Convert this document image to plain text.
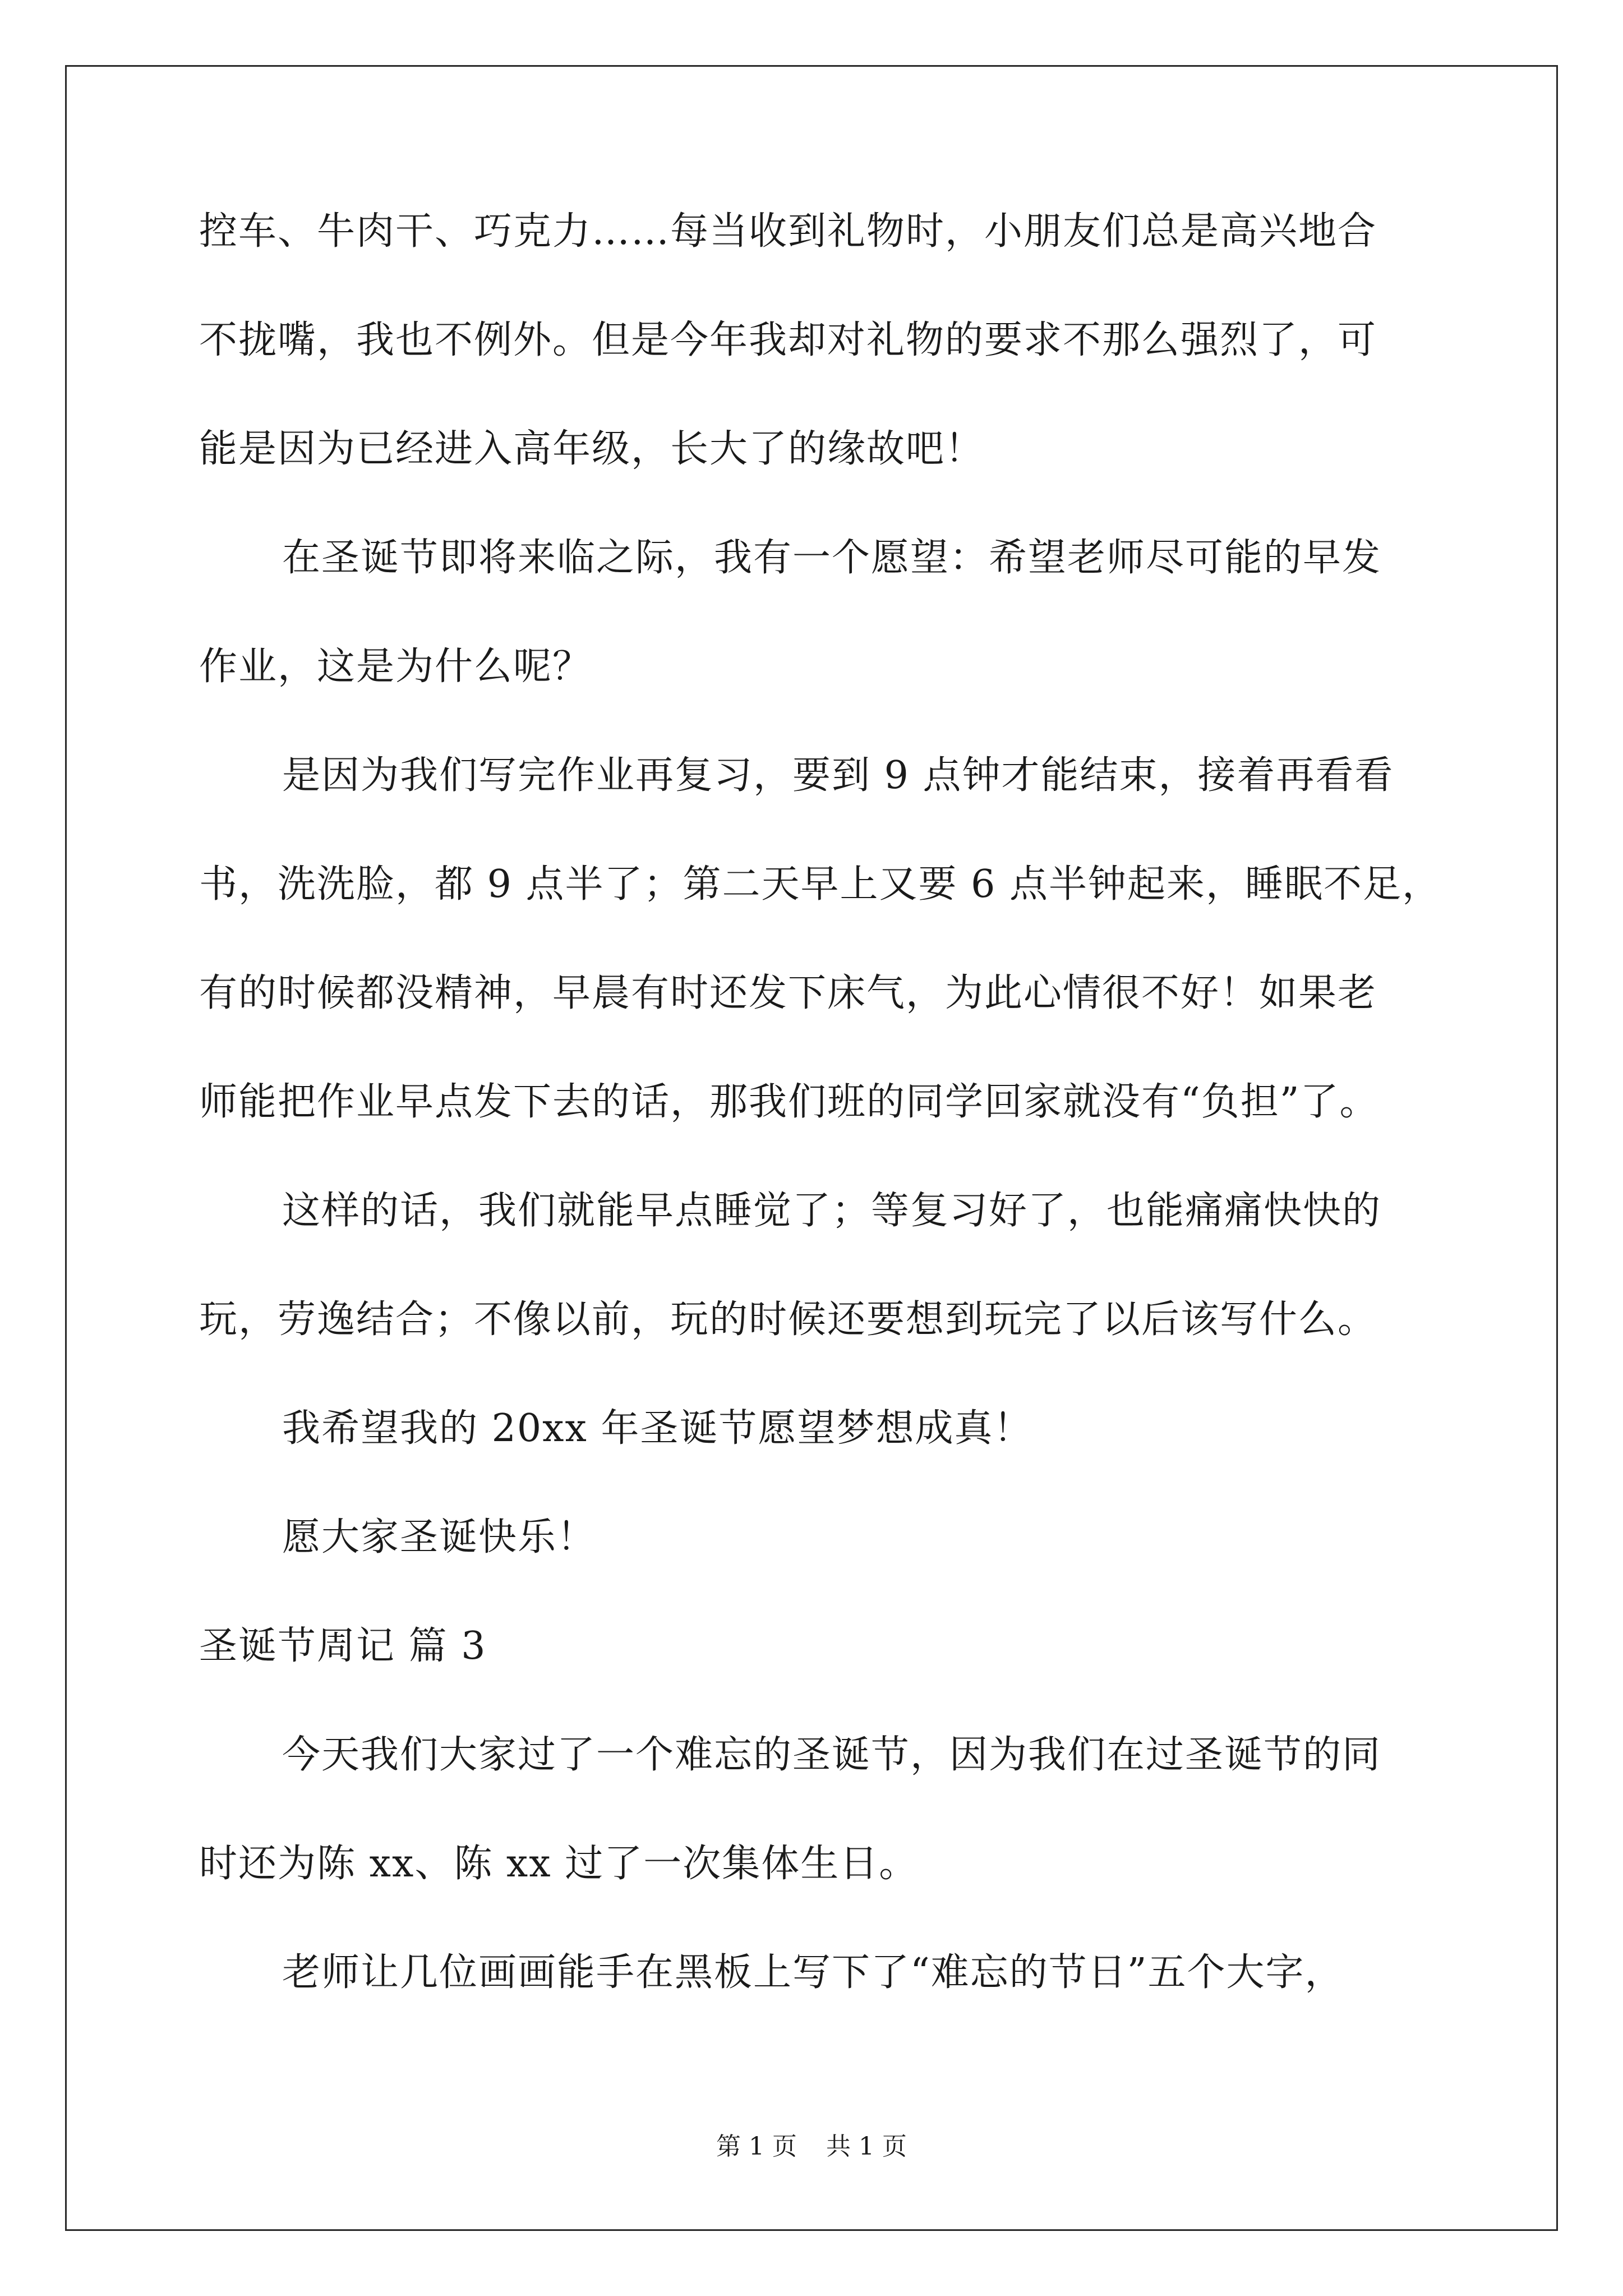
控车、牛肉干、巧克力……每当收到礼物时，小朋友们总是高兴地合
不拢嘴，我也不例外。但是今年我却对礼物的要求不那么强烈了，可
能是因为已经进入高年级，长大了的缘故吧！
在圣诞节即将来临之际，我有一个愿望：希望老师尽可能的早发
作业，这是为什么呢？
是因为我们写完作业再复习，要到 9 点钟才能结束，接着再看看
书，洗洗脸，都 9 点半了；第二天早上又要 6 点半钟起来，睡眠不足，
有的时候都没精神，早晨有时还发下床气，为此心情很不好！如果老
师能把作业早点发下去的话，那我们班的同学回家就没有“负担”了。
这样的话，我们就能早点睡觉了；等复习好了，也能痛痛快快的
玩，劳逸结合；不像以前，玩的时候还要想到玩完了以后该写什么。
我希望我的 20xx 年圣诞节愿望梦想成真！
愿大家圣诞快乐！
圣诞节周记 篇 3
今天我们大家过了一个难忘的圣诞节，因为我们在过圣诞节的同
时还为陈 xx、陈 xx 过了一次集体生日。
老师让几位画画能手在黑板上写下了“难忘的节日”五个大字，
第 1 页 共 1 页
